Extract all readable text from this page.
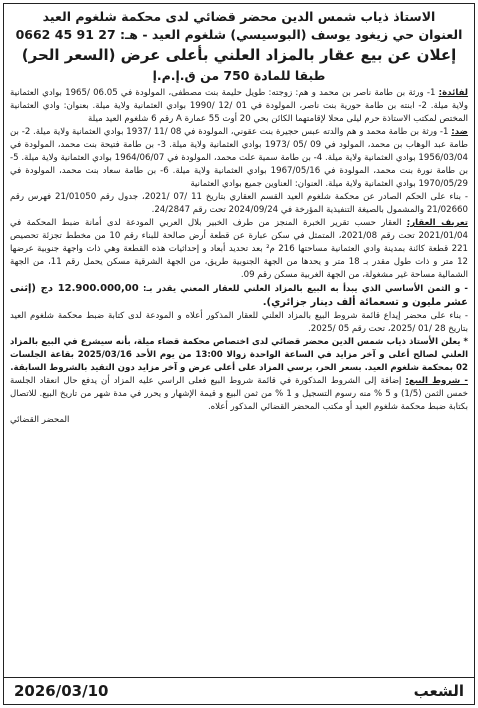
الاستاذ ذياب شمس الدين محضر قضائي لدى محكمة شلغوم العيد
العنوان حي زيغود يوسف (البوسيسي) شلغوم العيد - هـ: 27 91 45 0662
إعلان عن بيع عقار بالمزاد العلني بأعلى عرض (السعر الحر)
طبقا للمادة 750 من ق.إ.م.إ

لفائدة: 1- ورثة بن طامة ناصر بن محمد و هم: زوجته: طويل حليمة بنت مصطفى، المولودة في 06.05 /1965 بوادي العثمانية ولاية ميلة. 2- ابنته بن طامة حورية بنت ناصر، المولودة في 01 /12 /1990 بوادي العثمانية ولاية ميلة. بعنوان: وادي العثمانية المختص لمكتب الاستاذة حرم ليلى محلا لإقامتهما الكائن بحي 20 أوت 55 عمارة A رقم 6 شلغوم العيد ميلة

ضد: 1- ورثة بن طامة محمد و هم والدته عبس حجيرة بنت عقوني، المولودة في 08 /11 /1937 بوادي العثمانية ولاية ميلة. 2- بن طامة عبد الوهاب بن محمد، المولود في 09 /05 /1973 بوادي العثمانية ولاية ميلة. 3- بن طامة فتيحة بنت محمد، المولودة في 1956/03/04 بوادي العثمانية ولاية ميلة. 4- بن طامة سمية علت محمد، المولودة في 1964/06/07 بوادي العثمانية ولاية ميلة. 5- بن طامة نورة بنت محمد، المولودة في 1967/05/16 بوادي العثمانية ولاية ميلة. 6- بن طامة سعاد بنت محمد، المولودة في 1970/05/29 بوادي العثمانية ولاية ميلة. العنوان: العناوين جميع بوادي العثمانية

- بناء على الحكم الصادر عن محكمة شلغوم العيد القسم العقاري بتاريخ 11 /07 /2021، جدول رقم 21/01050 فهرس رقم 21/02660 والمشمول بالصيغة التنفيذية المؤرخة في 2024/09/24 تحت رقم 24/2847.

تعريف العقار: العقار حسب تقرير الخبرة المنجز من طرف الخبير بلال العربي المودعة لدى أمانة ضبط المحكمة في 2021/01/04 تحت رقم 2021/08، المتمثل في سكن عبارة عن قطعة أرض صالحة للبناء رقم 10 من مخطط تجزئة تحصيص 221 قطعة كائنة بمدينة وادي العثمانية مساحتها 216 م² بعد تحديد أبعاد و إحداثيات هذه القطعة وهي ذات واجهة جنوبية عرضها 12 متر و ذات طول مقدر بـ 18 متر و يحدها من الجهة الجنوبية طريق، من الجهة الشرقية مسكن يحمل رقم 11، من الجهة الشمالية مساحة غير مشغولة، من الجهة الغربية مسكن رقم 09.

- و الثمن الأساسي الذي يبدأ به البيع بالمزاد العلني للعقار المعني يقدر بـ: 12.900.000,00 دج (إثنى عشر مليون و تسعمائة ألف دينار جزائري).

- بناء على محضر إيداع قائمة شروط البيع بالمزاد العلني للعقار المذكور أعلاه و المودعة لدى كتابة ضبط محكمة شلغوم العيد بتاريخ 28 /01 /2025، تحت رقم 05 /2025.

* يعلن الأستاذ ذياب شمس الدين محضر قضائي لدى اختصاص محكمة قضاء ميلة، بأنه سيشرع في البيع بالمزاد العلني لصالح أعلى و آخر مزايد في الساعة الواحدة زوالا 13:00 من يوم الأحد 2025/03/16 بقاعة الجلسات 02 بمحكمة شلغوم العيد. بسعر الحر، برسي المزاد على أعلى عرض و آخر مزايد دون التقيد بالشروط السابقة.

- شروط البيع: إضافة إلى الشروط المذكورة في قائمة شروط البيع فعلى الراسي عليه المزاد أن يدفع حال انعقاد الجلسة خمس الثمن (1/5) و 5 % منه رسوم التسجيل و 1 % من ثمن البيع و قيمة الإشهار و يحرر في مدة شهر من تاريخ البيع. للاتصال بكتابة ضبط محكمة شلغوم العيد أو مكتب المحضر القضائي المذكور أعلاه.

المحضر القضائي
الشعب
2026/03/10
